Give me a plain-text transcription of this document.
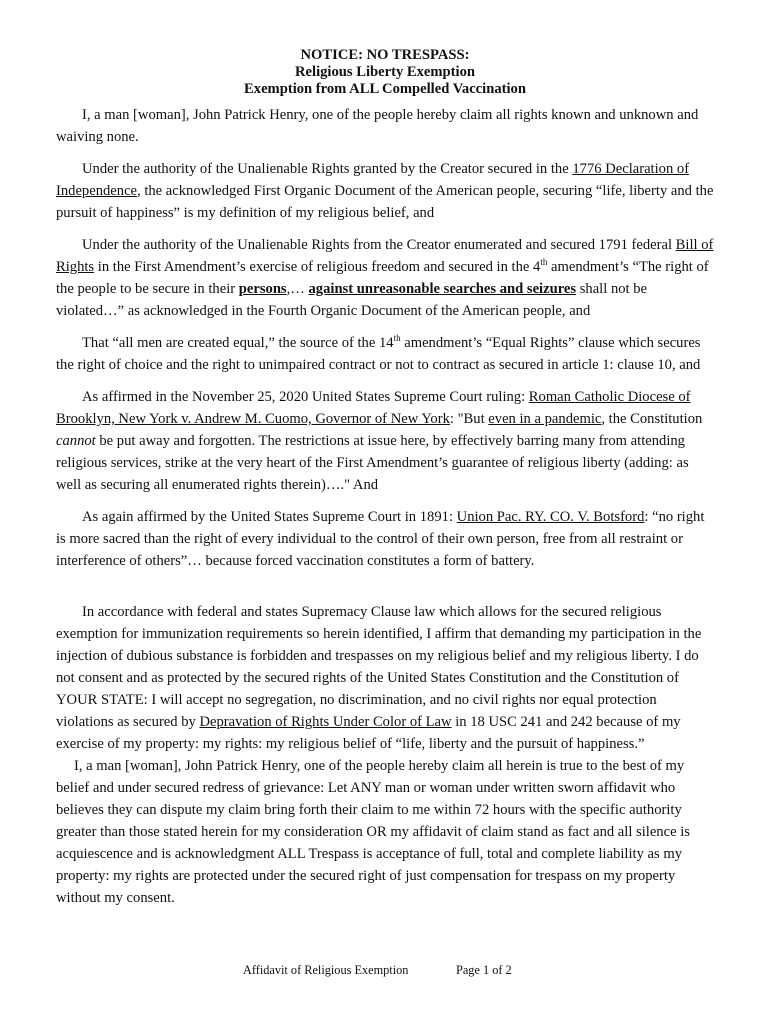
NOTICE: NO TRESPASS:
Religious Liberty Exemption
Exemption from ALL Compelled Vaccination

I, a man [woman], John Patrick Henry, one of the people hereby claim all rights known and unknown and waiving none.

Under the authority of the Unalienable Rights granted by the Creator secured in the 1776 Declaration of Independence, the acknowledged First Organic Document of the American people, securing “life, liberty and the pursuit of happiness” is my definition of my religious belief, and

Under the authority of the Unalienable Rights from the Creator enumerated and secured 1791 federal Bill of Rights in the First Amendment’s exercise of religious freedom and secured in the 4th amendment’s “The right of the people to be secure in their persons,… against unreasonable searches and seizures shall not be violated…” as acknowledged in the Fourth Organic Document of the American people, and

That “all men are created equal,” the source of the 14th amendment’s “Equal Rights” clause which secures the right of choice and the right to unimpaired contract or not to contract as secured in article 1: clause 10, and

As affirmed in the November 25, 2020 United States Supreme Court ruling: Roman Catholic Diocese of Brooklyn, New York v. Andrew M. Cuomo, Governor of New York: "But even in a pandemic, the Constitution cannot be put away and forgotten. The restrictions at issue here, by effectively barring many from attending religious services, strike at the very heart of the First Amendment’s guarantee of religious liberty (adding: as well as securing all enumerated rights therein)…." And

As again affirmed by the United States Supreme Court in 1891: Union Pac. RY. CO. V. Botsford: “no right is more sacred than the right of every individual to the control of their own person, free from all restraint or interference of others”… because forced vaccination constitutes a form of battery.

In accordance with federal and states Supremacy Clause law which allows for the secured religious exemption for immunization requirements so herein identified, I affirm that demanding my participation in the injection of dubious substance is forbidden and trespasses on my religious belief and my religious liberty. I do not consent and as protected by the secured rights of the United States Constitution and the Constitution of YOUR STATE: I will accept no segregation, no discrimination, and no civil rights nor equal protection violations as secured by Depravation of Rights Under Color of Law in 18 USC 241 and 242 because of my exercise of my property: my rights: my religious belief of “life, liberty and the pursuit of happiness.”

I, a man [woman], John Patrick Henry, one of the people hereby claim all herein is true to the best of my belief and under secured redress of grievance: Let ANY man or woman under written sworn affidavit who believes they can dispute my claim bring forth their claim to me within 72 hours with the specific authority greater than those stated herein for my consideration OR my affidavit of claim stand as fact and all silence is acquiescence and is acknowledgment ALL Trespass is acceptance of full, total and complete liability as my property: my rights are protected under the secured right of just compensation for trespass on my property without my consent.

Affidavit of Religious Exemption	Page 1 of 2
